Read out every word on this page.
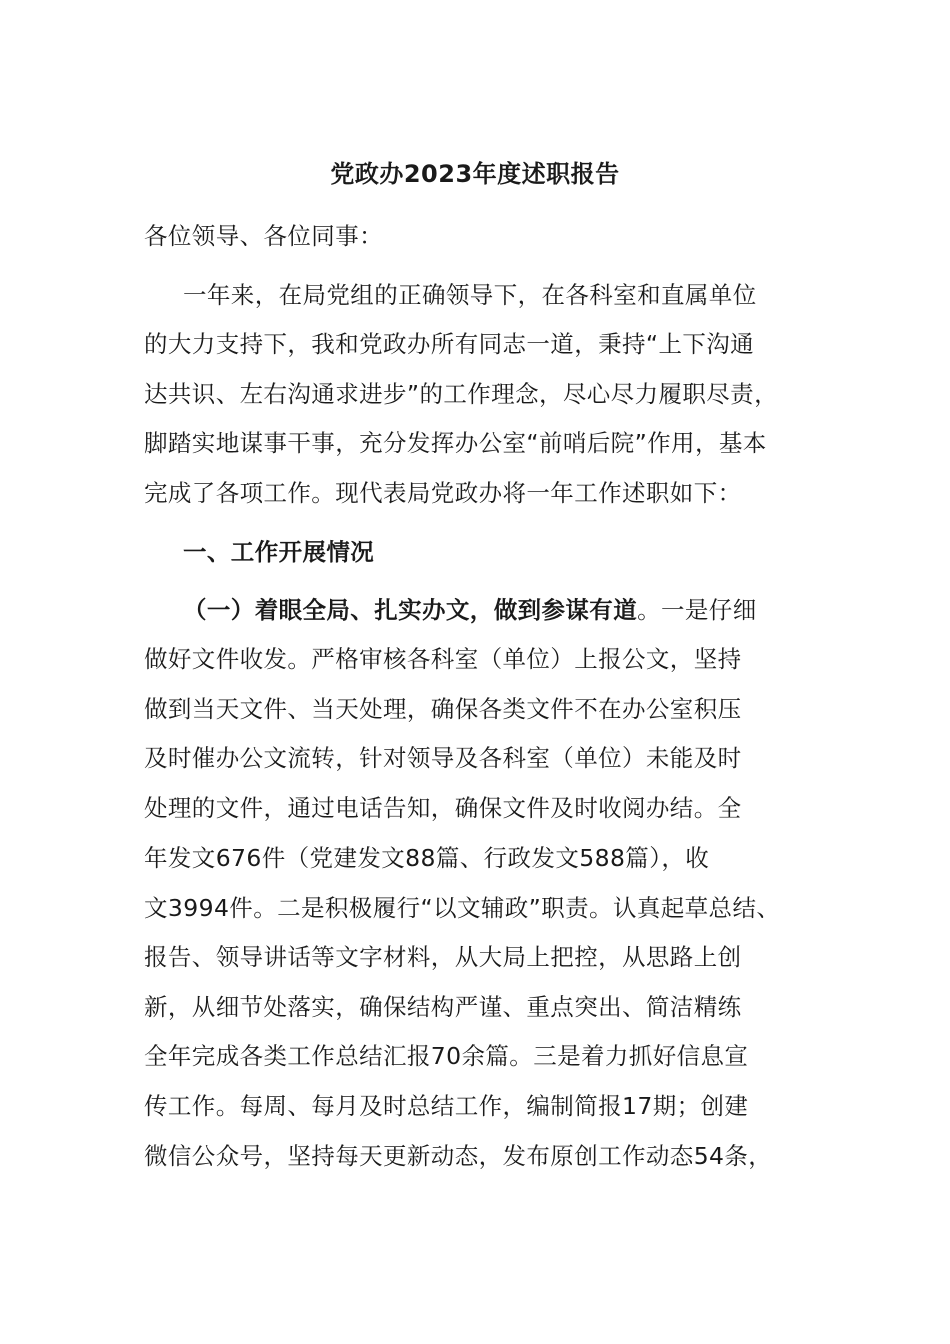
党政办2023年度述职报告
各位领导、各位同事：
一年来，在局党组的正确领导下，在各科室和直属单位
的大力支持下，我和党政办所有同志一道，秉持“上下沟通
达共识、左右沟通求进步”的工作理念，尽心尽力履职尽责，
脚踏实地谋事干事，充分发挥办公室“前哨后院”作用，基本
完成了各项工作。现代表局党政办将一年工作述职如下：
一、工作开展情况
（一）着眼全局、扎实办文，做到参谋有道。一是仔细
做好文件收发。严格审核各科室（单位）上报公文，坚持
做到当天文件、当天处理，确保各类文件不在办公室积压
及时催办公文流转，针对领导及各科室（单位）未能及时
处理的文件，通过电话告知，确保文件及时收阅办结。全
年发文676件（党建发文88篇、行政发文588篇），收
文3994件。二是积极履行“以文辅政”职责。认真起草总结、
报告、领导讲话等文字材料，从大局上把控，从思路上创
新，从细节处落实，确保结构严谨、重点突出、简洁精练
全年完成各类工作总结汇报70余篇。三是着力抓好信息宣
传工作。每周、每月及时总结工作，编制简报17期；创建
微信公众号，坚持每天更新动态，发布原创工作动态54条，
